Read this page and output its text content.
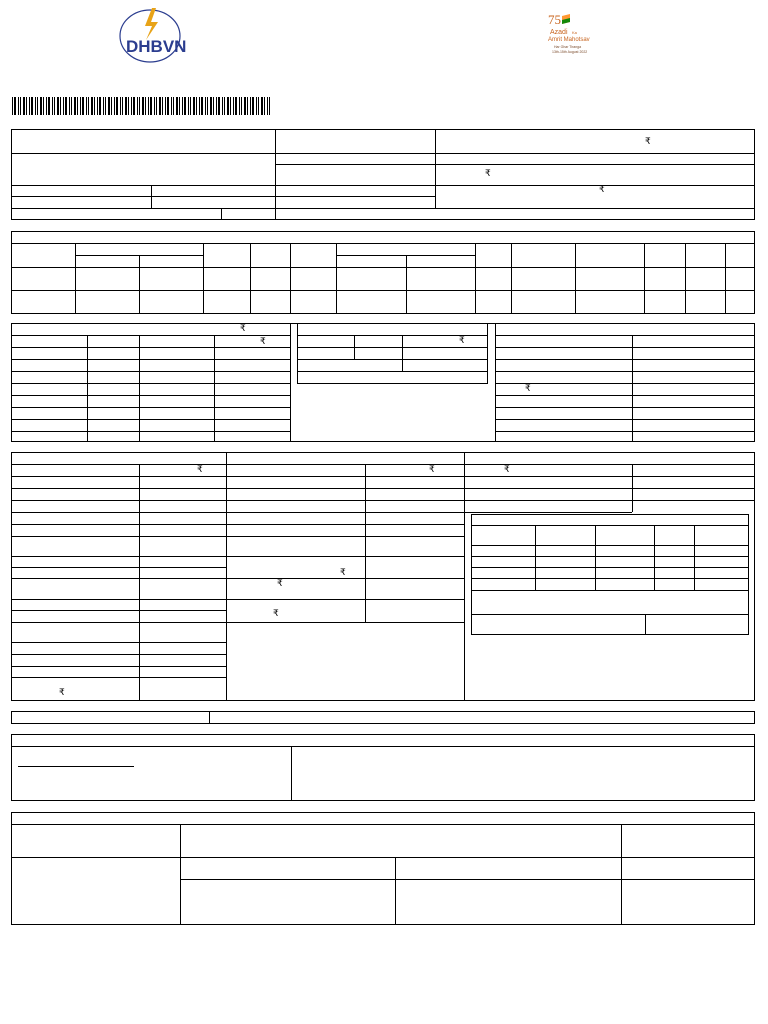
DHBVN
75
Azadi Ka
Amrit Mahotsav
Har Ghar Tiranga
13th-15th August 2022
₹
₹
₹
₹
₹	₹
₹
₹
₹
₹
₹
₹
₹
₹
